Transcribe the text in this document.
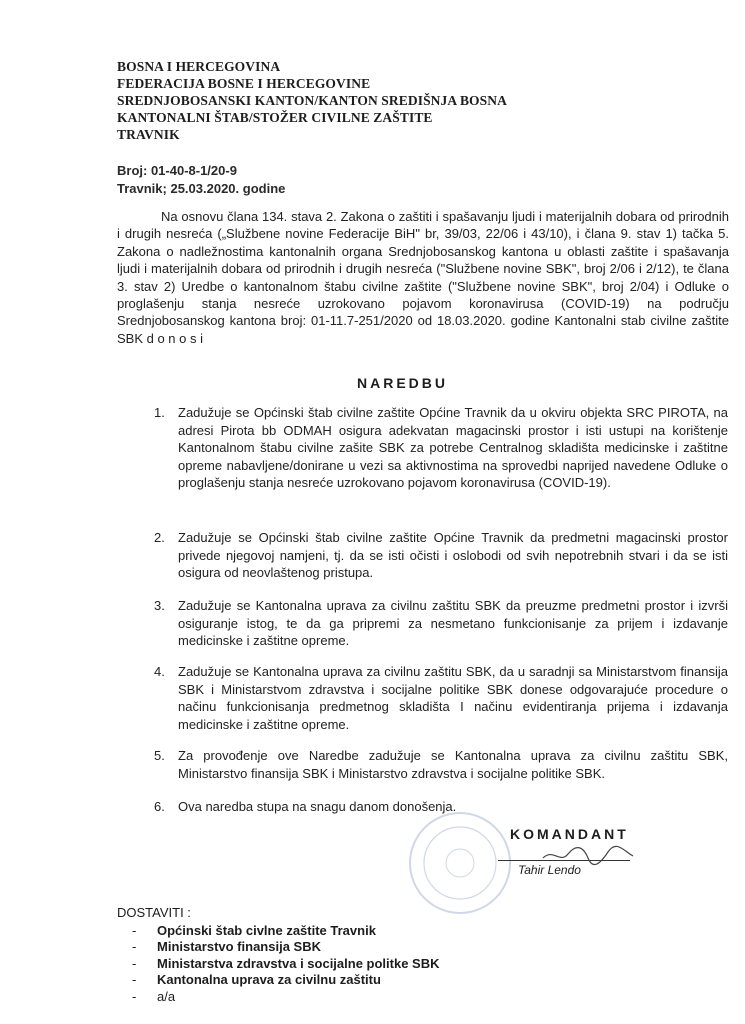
BOSNA I HERCEGOVINA
FEDERACIJA BOSNE I HERCEGOVINE
SREDNJOBOSANSKI KANTON/KANTON SREDIŠNJA BOSNA
KANTONALNI ŠTAB/STOŽER CIVILNE ZAŠTITE
TRAVNIK
Broj: 01-40-8-1/20-9
Travnik; 25.03.2020. godine
Na osnovu člana 134. stava 2. Zakona o zaštiti i spašavanju ljudi i materijalnih dobara od prirodnih i drugih nesreća („Službene novine Federacije BiH" br, 39/03, 22/06 i 43/10), i člana 9. stav 1) tačka 5. Zakona o nadležnostima kantonalnih organa Srednjobosanskog kantona u oblasti zaštite i spašavanja ljudi i materijalnih dobara od prirodnih i drugih nesreća ("Službene novine SBK", broj 2/06 i 2/12), te člana 3. stav 2) Uredbe o kantonalnom štabu civilne zaštite ("Službene novine SBK", broj 2/04) i Odluke o proglašenju stanja nesreće uzrokovano pojavom koronavirusa (COVID-19) na području Srednjobosanskog kantona broj: 01-11.7-251/2020 od 18.03.2020. godine Kantonalni stab civilne zaštite SBK d o n o s i
NAREDBU
1. Zadužuje se Općinski štab civilne zaštite Općine Travnik da u okviru objekta SRC PIROTA, na adresi Pirota bb ODMAH osigura adekvatan magacinski prostor i isti ustupi na korištenje Kantonalnom štabu civilne zašite SBK za potrebe Centralnog skladišta medicinske i zaštitne opreme nabavljene/donirane u vezi sa aktivnostima na sprovedbi naprijed navedene Odluke o proglašenju stanja nesreće uzrokovano pojavom koronavirusa (COVID-19).
2. Zadužuje se Općinski štab civilne zaštite Općine Travnik da predmetni magacinski prostor privede njegovoj namjeni, tj. da se isti očisti i oslobodi od svih nepotrebnih stvari i da se isti osigura od neovlaštenog pristupa.
3. Zadužuje se Kantonalna uprava za civilnu zaštitu SBK da preuzme predmetni prostor i izvrši osiguranje istog, te da ga pripremi za nesmetano funkcionisanje za prijem i izdavanje medicinske i zaštitne opreme.
4. Zadužuje se Kantonalna uprava za civilnu zaštitu SBK, da u saradnji sa Ministarstvom finansija SBK i Ministarstvom zdravstva i socijalne politike SBK donese odgovarajuće procedure o načinu funkcionisanja predmetnog skladišta I načinu evidentiranja prijema i izdavanja medicinske i zaštitne opreme.
5. Za provođenje ove Naredbe zadužuje se Kantonalna uprava za civilnu zaštitu SBK, Ministarstvo finansija SBK i Ministarstvo zdravstva i socijalne politike SBK.
6. Ova naredba stupa na snagu danom donošenja.
KOMANDANT
Tahir Lendo
DOSTAVITI :
- Općinski štab civlne zaštite Travnik
- Ministarstvo finansija SBK
- Ministarstva zdravstva i socijalne politke SBK
- Kantonalna uprava za civilnu zaštitu
- a/a
